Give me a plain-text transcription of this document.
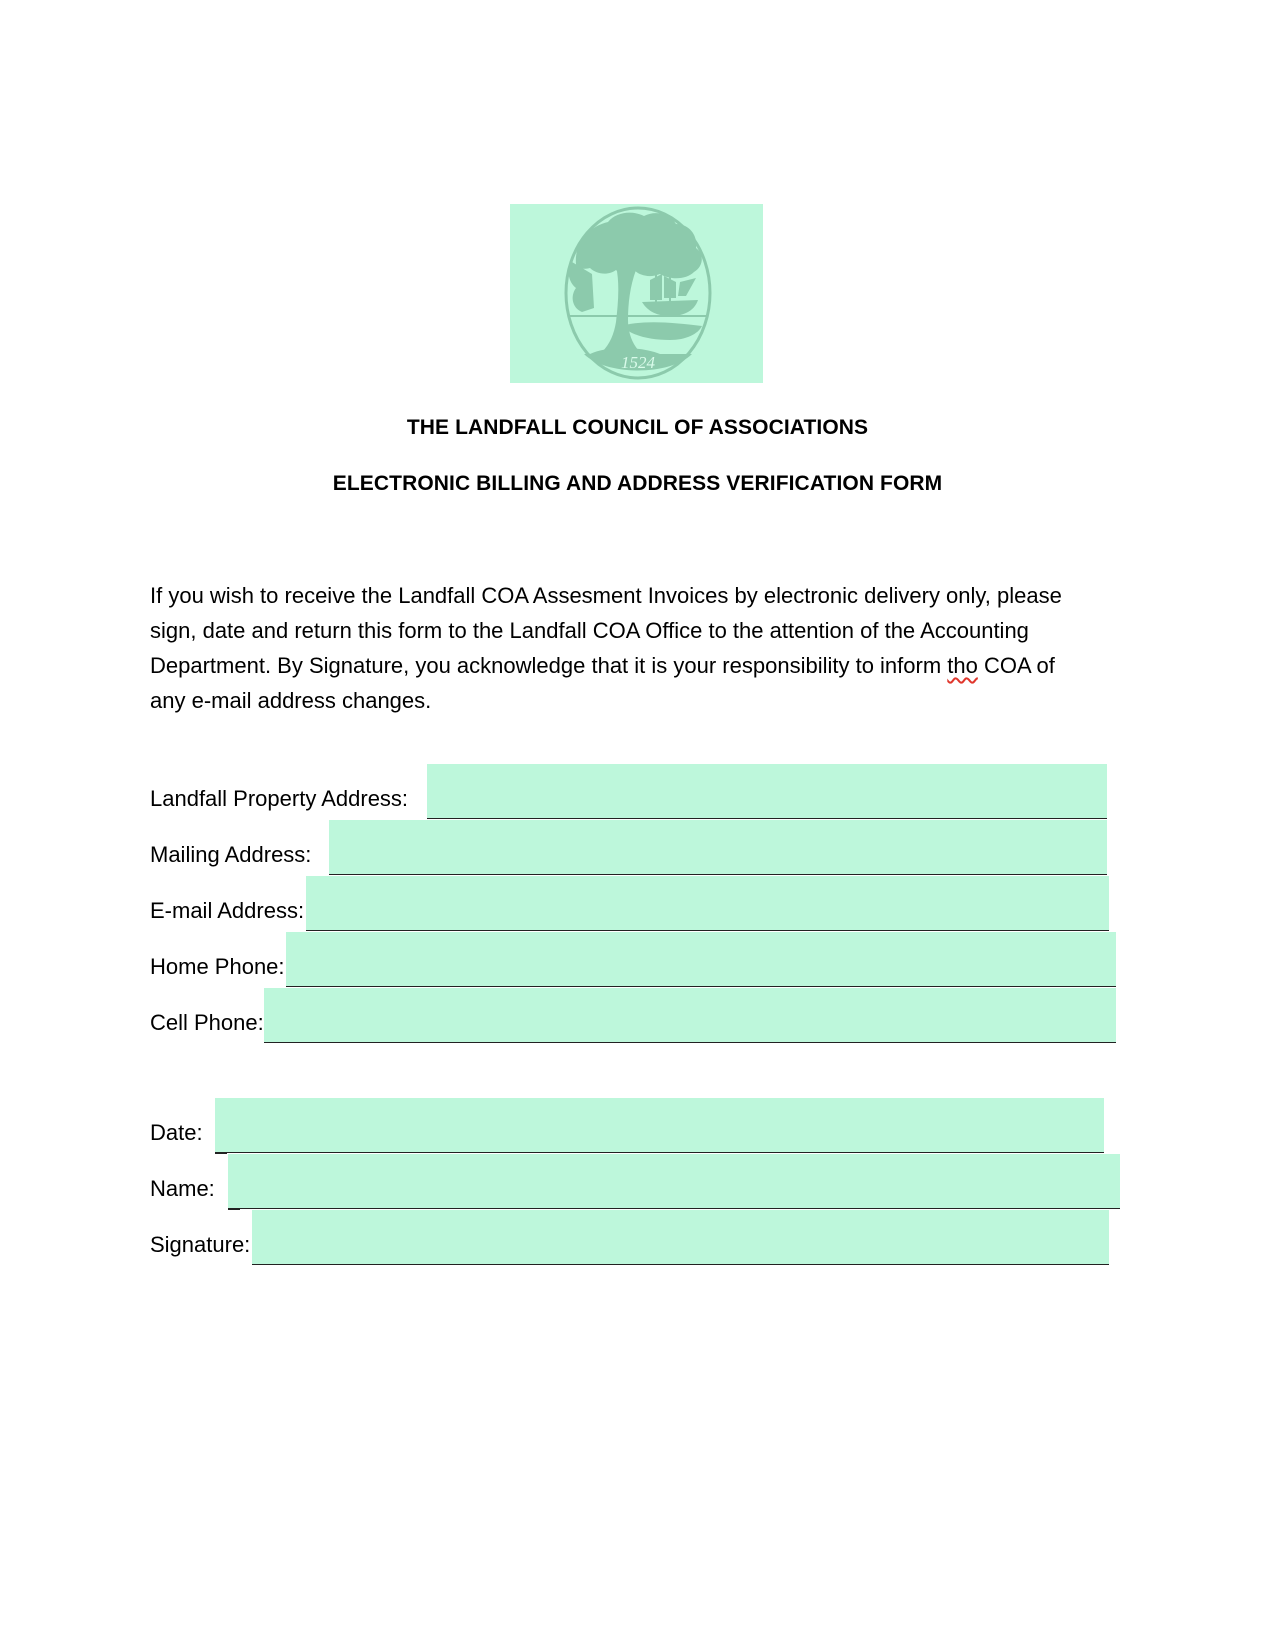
1524
THE LANDFALL COUNCIL OF ASSOCIATIONS
ELECTRONIC BILLING AND ADDRESS VERIFICATION FORM
If you wish to receive the Landfall COA Assesment Invoices by electronic delivery only, please
sign, date and return this form to the Landfall COA Office to the attention of the Accounting
Department. By Signature, you acknowledge that it is your responsibility to inform tho COA of
any e-mail address changes.
Landfall Property Address:
Mailing Address:
E-mail Address:
Home Phone:
Cell Phone:
Date:
Name:
Signature:
